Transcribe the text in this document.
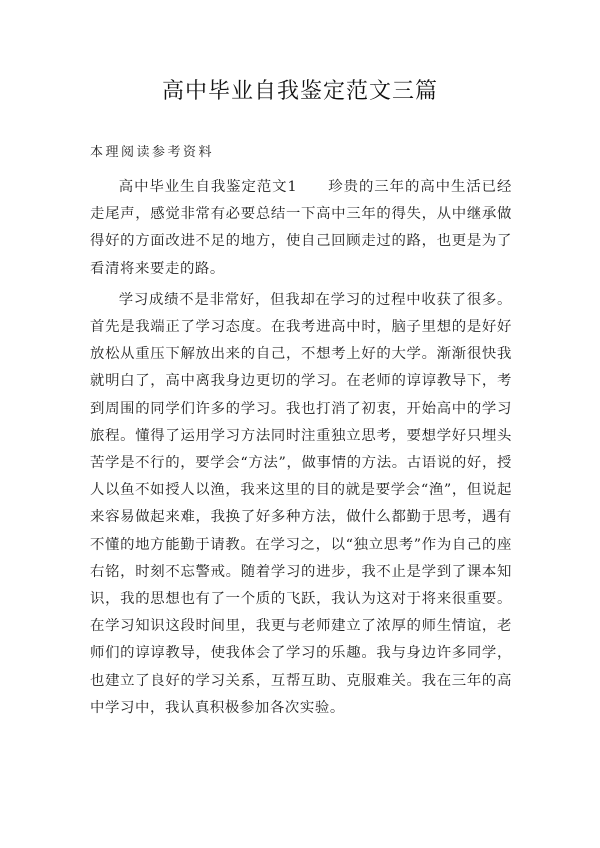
高中毕业自我鉴定范文三篇

本理阅读参考资料

高中毕业生自我鉴定范文1　　珍贵的三年的高中生活已经走尾声，感觉非常有必要总结一下高中三年的得失，从中继承做得好的方面改进不足的地方，使自己回顾走过的路，也更是为了看清将来要走的路。

学习成绩不是非常好，但我却在学习的过程中收获了很多。首先是我端正了学习态度。在我考进高中时，脑子里想的是好好放松从重压下解放出来的自己，不想考上好的大学。渐渐很快我就明白了，高中离我身边更切的学习。在老师的谆谆教导下，考到周围的同学们许多的学习。我也打消了初衷，开始高中的学习旅程。懂得了运用学习方法同时注重独立思考，要想学好只埋头苦学是不行的，要学会“方法”，做事情的方法。古语说的好，授人以鱼不如授人以渔，我来这里的目的就是要学会“渔”，但说起来容易做起来难，我换了好多种方法，做什么都勤于思考，遇有不懂的地方能勤于请教。在学习之，以“独立思考”作为自己的座右铭，时刻不忘警戒。随着学习的进步，我不止是学到了课本知识，我的思想也有了一个质的飞跃，我认为这对于将来很重要。在学习知识这段时间里，我更与老师建立了浓厚的师生情谊，老师们的谆谆教导，使我体会了学习的乐趣。我与身边许多同学，也建立了良好的学习关系，互帮互助、克服难关。我在三年的高中学习中，我认真积极参加各次实验。
